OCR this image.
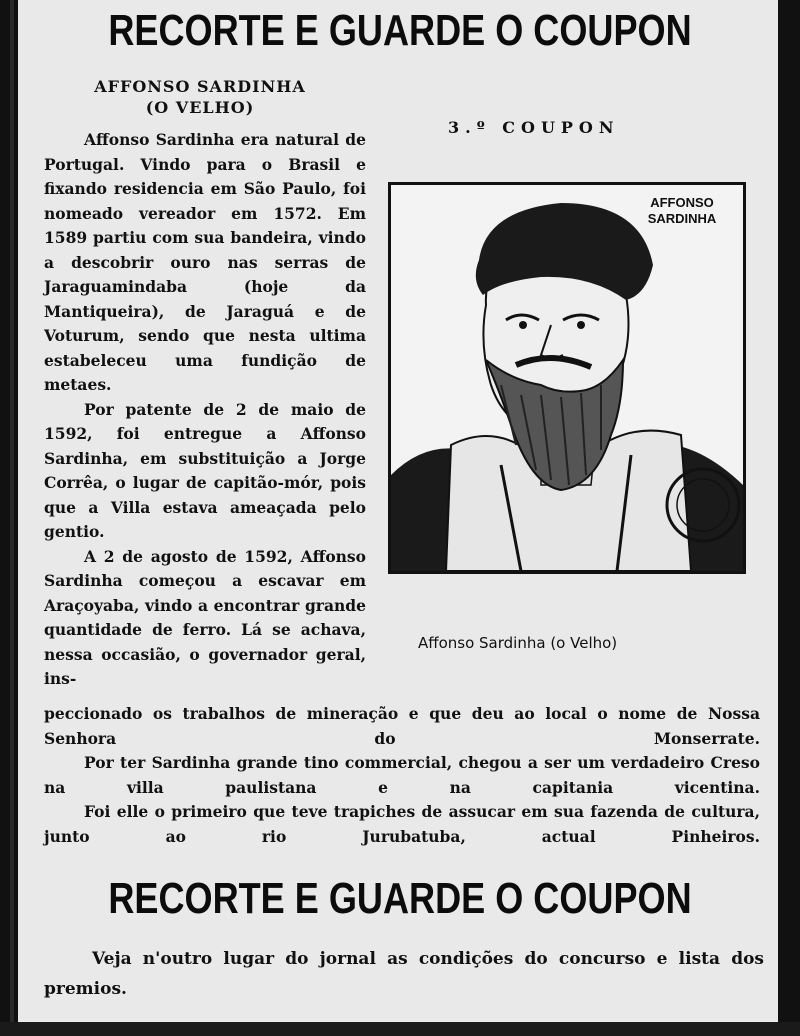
RECORTE E GUARDE O COUPON
AFFONSO SARDINHA
(O VELHO)

Affonso Sardinha era natural de Portugal. Vindo para o Brasil e fixando residencia em São Paulo, foi nomeado vereador em 1572. Em 1589 partiu com sua bandeira, vindo a descobrir ouro nas serras de Jaraguamindaba (hoje da Mantiqueira), de Jaraguá e de Voturum, sendo que nesta ultima estabeleceu uma fundição de metaes.

Por patente de 2 de maio de 1592, foi entregue a Affonso Sardinha, em substituição a Jorge Corrêa, o lugar de capitão-mór, pois que a Villa estava ameaçada pelo gentio.

A 2 de agosto de 1592, Affonso Sardinha começou a escavar em Araçoyaba, vindo a encontrar grande quantidade de ferro. Lá se achava, nessa occasião, o governador geral, ins-

3.º COUPON
AFFONSO
SARDINHA
Affonso Sardinha (o Velho)

peccionado os trabalhos de mineração e que deu ao local o nome de Nossa Senhora do Monserrate.

Por ter Sardinha grande tino commercial, chegou a ser um verdadeiro Creso na villa paulistana e na capitania vicentina.

Foi elle o primeiro que teve trapiches de assucar em sua fazenda de cultura, junto ao rio Jurubatuba, actual Pinheiros.

RECORTE E GUARDE O COUPON

Veja n'outro lugar do jornal as condições do concurso e lista dos premios.
